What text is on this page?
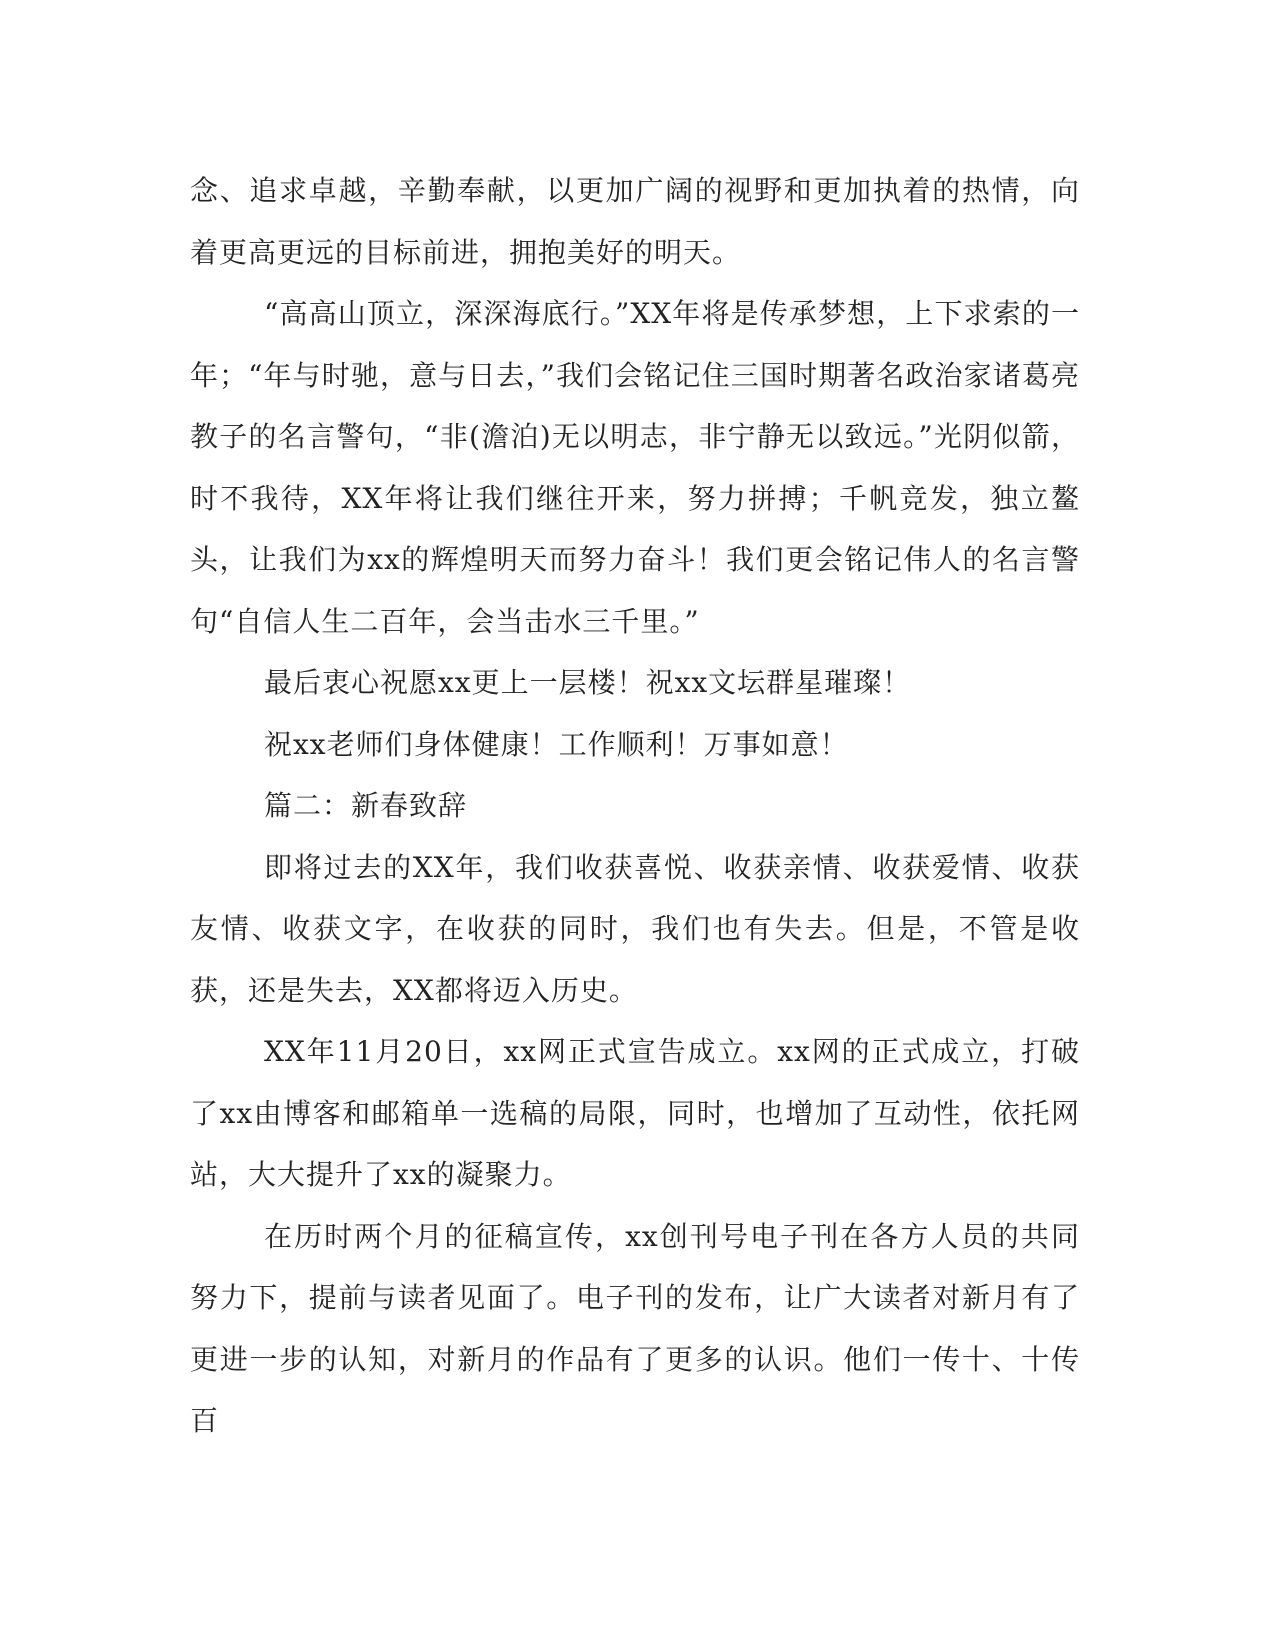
念、追求卓越，辛勤奉献，以更加广阔的视野和更加执着的热情，向着更高更远的目标前进，拥抱美好的明天。

“高高山顶立，深深海底行。”XX年将是传承梦想，上下求索的一年；“年与时驰，意与日去，”我们会铭记住三国时期著名政治家诸葛亮教子的名言警句，“非(澹泊)无以明志，非宁静无以致远。”光阴似箭，时不我待，XX年将让我们继往开来，努力拼搏；千帆竞发，独立鳌头，让我们为xx的辉煌明天而努力奋斗！我们更会铭记伟人的名言警句“自信人生二百年，会当击水三千里。”

最后衷心祝愿xx更上一层楼！祝xx文坛群星璀璨！

祝xx老师们身体健康！工作顺利！万事如意！

篇二：新春致辞

即将过去的XX年，我们收获喜悦、收获亲情、收获爱情、收获友情、收获文字，在收获的同时，我们也有失去。但是，不管是收获，还是失去，XX都将迈入历史。

XX年11月20日，xx网正式宣告成立。xx网的正式成立，打破了xx由博客和邮箱单一选稿的局限，同时，也增加了互动性，依托网站，大大提升了xx的凝聚力。

在历时两个月的征稿宣传，xx创刊号电子刊在各方人员的共同努力下，提前与读者见面了。电子刊的发布，让广大读者对新月有了更进一步的认知，对新月的作品有了更多的认识。他们一传十、十传百
